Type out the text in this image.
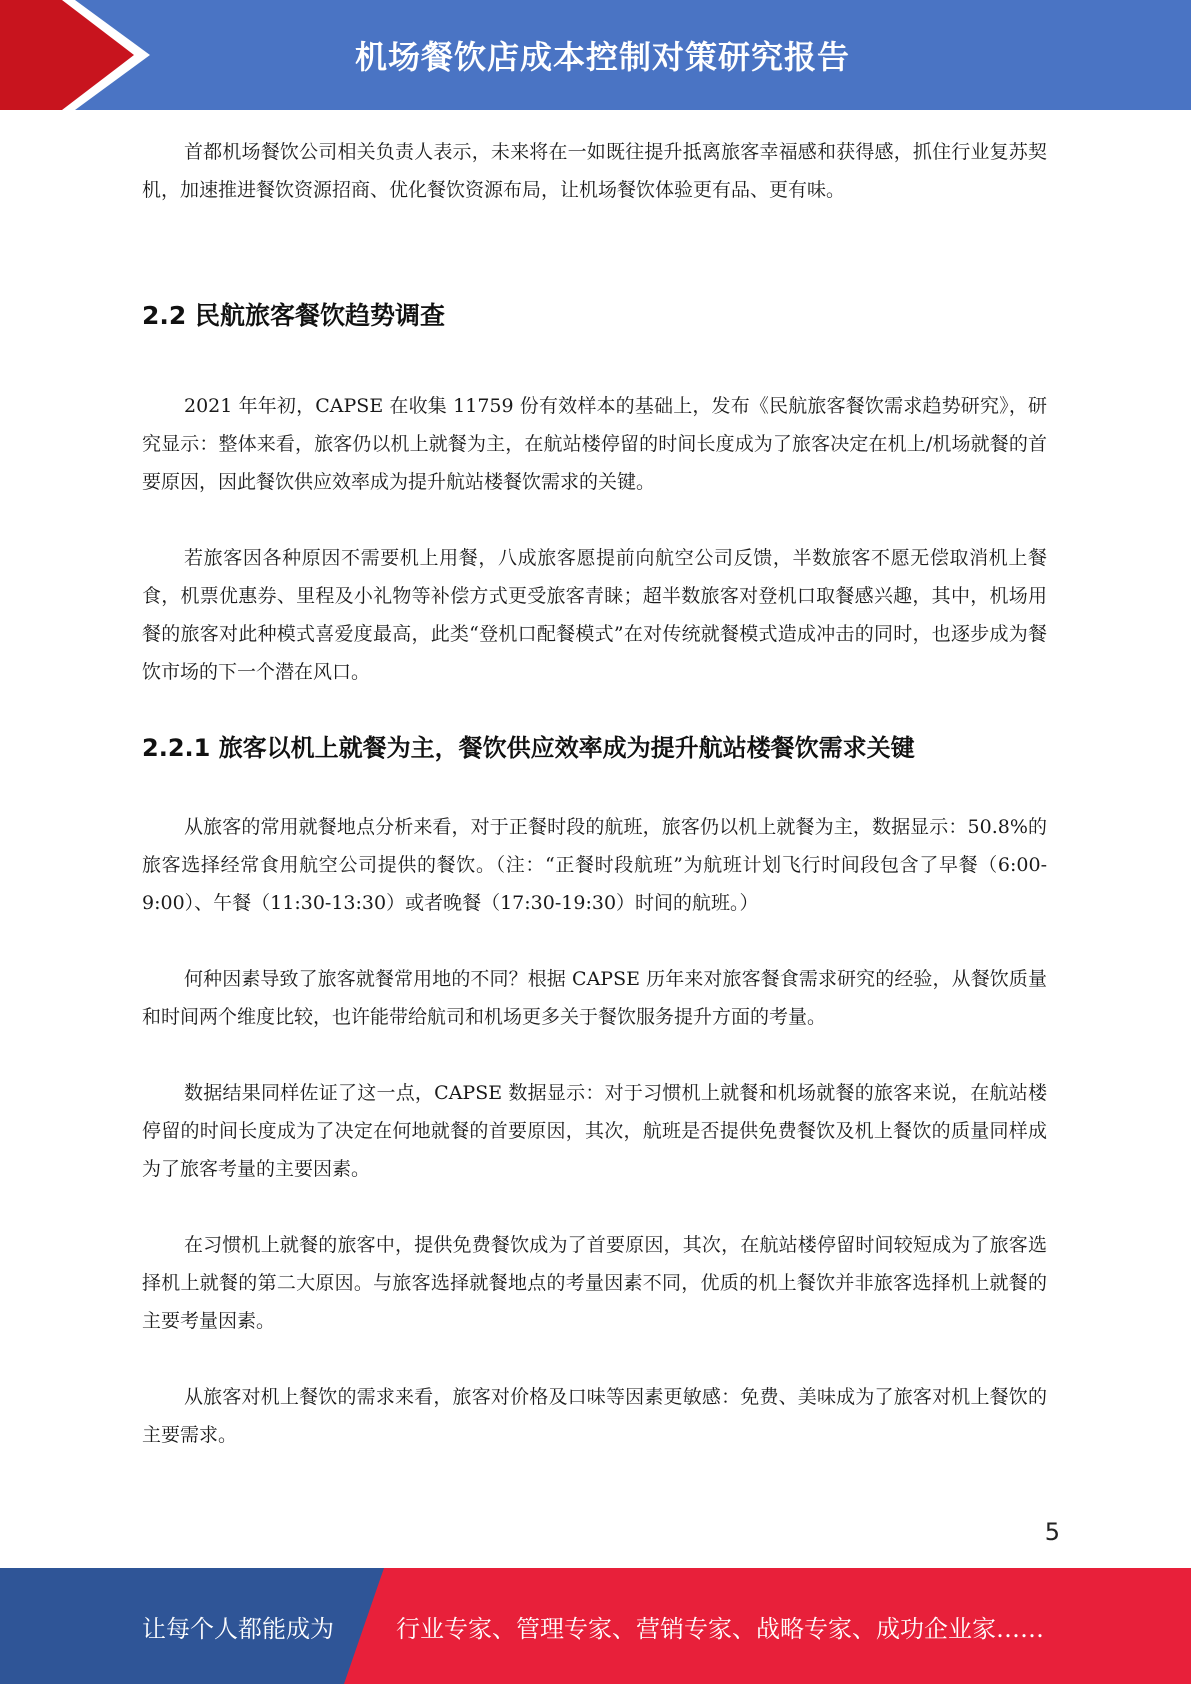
机场餐饮店成本控制对策研究报告

首都机场餐饮公司相关负责人表示，未来将在一如既往提升抵离旅客幸福感和获得感，抓住行业复苏契机，加速推进餐饮资源招商、优化餐饮资源布局，让机场餐饮体验更有品、更有味。

2.2 民航旅客餐饮趋势调查

2021 年年初，CAPSE 在收集 11759 份有效样本的基础上，发布《民航旅客餐饮需求趋势研究》，研究显示：整体来看，旅客仍以机上就餐为主，在航站楼停留的时间长度成为了旅客决定在机上/机场就餐的首要原因，因此餐饮供应效率成为提升航站楼餐饮需求的关键。

若旅客因各种原因不需要机上用餐，八成旅客愿提前向航空公司反馈，半数旅客不愿无偿取消机上餐食，机票优惠券、里程及小礼物等补偿方式更受旅客青睐；超半数旅客对登机口取餐感兴趣，其中，机场用餐的旅客对此种模式喜爱度最高，此类“登机口配餐模式”在对传统就餐模式造成冲击的同时，也逐步成为餐饮市场的下一个潜在风口。

2.2.1 旅客以机上就餐为主，餐饮供应效率成为提升航站楼餐饮需求关键

从旅客的常用就餐地点分析来看，对于正餐时段的航班，旅客仍以机上就餐为主，数据显示：50.8%的旅客选择经常食用航空公司提供的餐饮。（注：“正餐时段航班”为航班计划飞行时间段包含了早餐（6:00-9:00）、午餐（11:30-13:30）或者晚餐（17:30-19:30）时间的航班。）

何种因素导致了旅客就餐常用地的不同？根据 CAPSE 历年来对旅客餐食需求研究的经验，从餐饮质量和时间两个维度比较，也许能带给航司和机场更多关于餐饮服务提升方面的考量。

数据结果同样佐证了这一点，CAPSE 数据显示：对于习惯机上就餐和机场就餐的旅客来说，在航站楼停留的时间长度成为了决定在何地就餐的首要原因，其次，航班是否提供免费餐饮及机上餐饮的质量同样成为了旅客考量的主要因素。

在习惯机上就餐的旅客中，提供免费餐饮成为了首要原因，其次，在航站楼停留时间较短成为了旅客选择机上就餐的第二大原因。与旅客选择就餐地点的考量因素不同，优质的机上餐饮并非旅客选择机上就餐的主要考量因素。

从旅客对机上餐饮的需求来看，旅客对价格及口味等因素更敏感：免费、美味成为了旅客对机上餐饮的主要需求。

5
让每个人都能成为	行业专家、管理专家、营销专家、战略专家、成功企业家……
